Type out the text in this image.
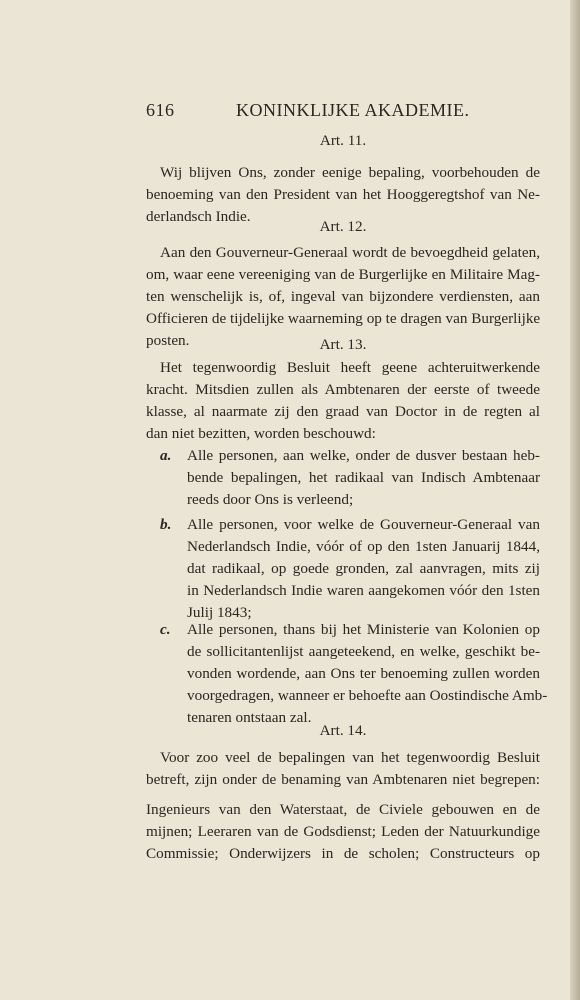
616	KONINKLIJKE AKADEMIE.
Art. 11.
Wij blijven Ons, zonder eenige bepaling, voorbehouden de
benoeming van den President van het Hooggeregtshof van Ne-
derlandsch Indie.
Art. 12.
Aan den Gouverneur-Generaal wordt de bevoegdheid gelaten,
om, waar eene vereeniging van de Burgerlijke en Militaire Mag-
ten wenschelijk is, of, ingeval van bijzondere verdiensten, aan
Officieren de tijdelijke waarneming op te dragen van Burgerlijke
posten.	Art. 13.
Het tegenwoordig Besluit heeft geene achteruitwerkende
kracht. Mitsdien zullen als Ambtenaren der eerste of tweede
klasse, al naarmate zij den graad van Doctor in de regten al
dan niet bezitten, worden beschouwd:
a. Alle personen, aan welke, onder de dusver bestaan heb-
bende bepalingen, het radikaal van Indisch Ambtenaar
reeds door Ons is verleend;
b. Alle personen, voor welke de Gouverneur-Generaal van
Nederlandsch Indie, vóór of op den 1sten Januarij 1844,
dat radikaal, op goede gronden, zal aanvragen, mits zij
in Nederlandsch Indie waren aangekomen vóór den 1sten
Julij 1843;
c. Alle personen, thans bij het Ministerie van Kolonien op
de sollicitantenlijst aangeteekend, en welke, geschikt be-
vonden wordende, aan Ons ter benoeming zullen worden
voorgedragen, wanneer er behoefte aan Oostindische Amb-
tenaren ontstaan zal.
Art. 14.
Voor zoo veel de bepalingen van het tegenwoordig Besluit
betreft, zijn onder de benaming van Ambtenaren niet begrepen:
Ingenieurs van den Waterstaat, de Civiele gebouwen en de
mijnen; Leeraren van de Godsdienst; Leden der Natuurkundige
Commissie; Onderwijzers in de scholen; Constructeurs op
